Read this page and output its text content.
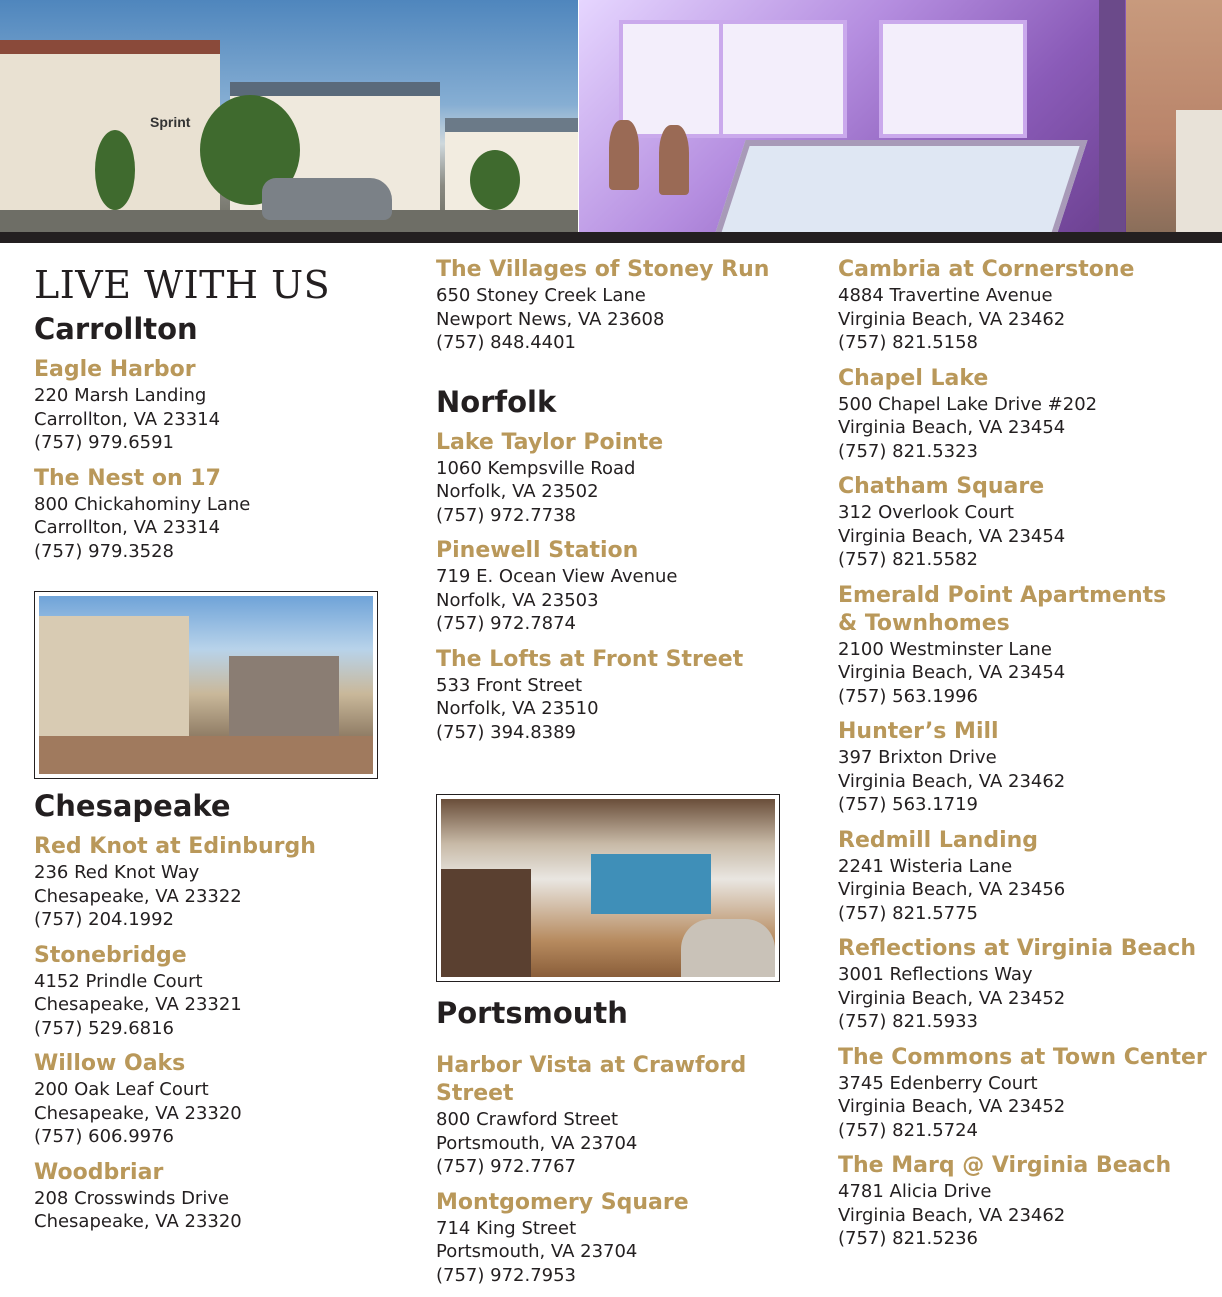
Sprint
LIVE WITH US
Carrollton
Eagle Harbor
220 Marsh Landing
Carrollton, VA 23314
(757) 979.6591
The Nest on 17
800 Chickahominy Lane
Carrollton, VA 23314
(757) 979.3528
Chesapeake
Red Knot at Edinburgh
236 Red Knot Way
Chesapeake, VA 23322
(757) 204.1992
Stonebridge
4152 Prindle Court
Chesapeake, VA 23321
(757) 529.6816
Willow Oaks
200 Oak Leaf Court
Chesapeake, VA 23320
(757) 606.9976
Woodbriar
208 Crosswinds Drive
Chesapeake, VA 23320
The Villages of Stoney Run
650 Stoney Creek Lane
Newport News, VA 23608
(757) 848.4401
Norfolk
Lake Taylor Pointe
1060 Kempsville Road
Norfolk, VA 23502
(757) 972.7738
Pinewell Station
719 E. Ocean View Avenue
Norfolk, VA 23503
(757) 972.7874
The Lofts at Front Street
533 Front Street
Norfolk, VA 23510
(757) 394.8389
Portsmouth
Harbor Vista at Crawford Street
800 Crawford Street
Portsmouth, VA 23704
(757) 972.7767
Montgomery Square
714 King Street
Portsmouth, VA 23704
(757) 972.7953
Cambria at Cornerstone
4884 Travertine Avenue
Virginia Beach, VA 23462
(757) 821.5158
Chapel Lake
500 Chapel Lake Drive #202
Virginia Beach, VA 23454
(757) 821.5323
Chatham Square
312 Overlook Court
Virginia Beach, VA 23454
(757) 821.5582
Emerald Point Apartments
& Townhomes
2100 Westminster Lane
Virginia Beach, VA 23454
(757) 563.1996
Hunter’s Mill
397 Brixton Drive
Virginia Beach, VA 23462
(757) 563.1719
Redmill Landing
2241 Wisteria Lane
Virginia Beach, VA 23456
(757) 821.5775
Reflections at Virginia Beach
3001 Reflections Way
Virginia Beach, VA 23452
(757) 821.5933
The Commons at Town Center
3745 Edenberry Court
Virginia Beach, VA 23452
(757) 821.5724
The Marq @ Virginia Beach
4781 Alicia Drive
Virginia Beach, VA 23462
(757) 821.5236
